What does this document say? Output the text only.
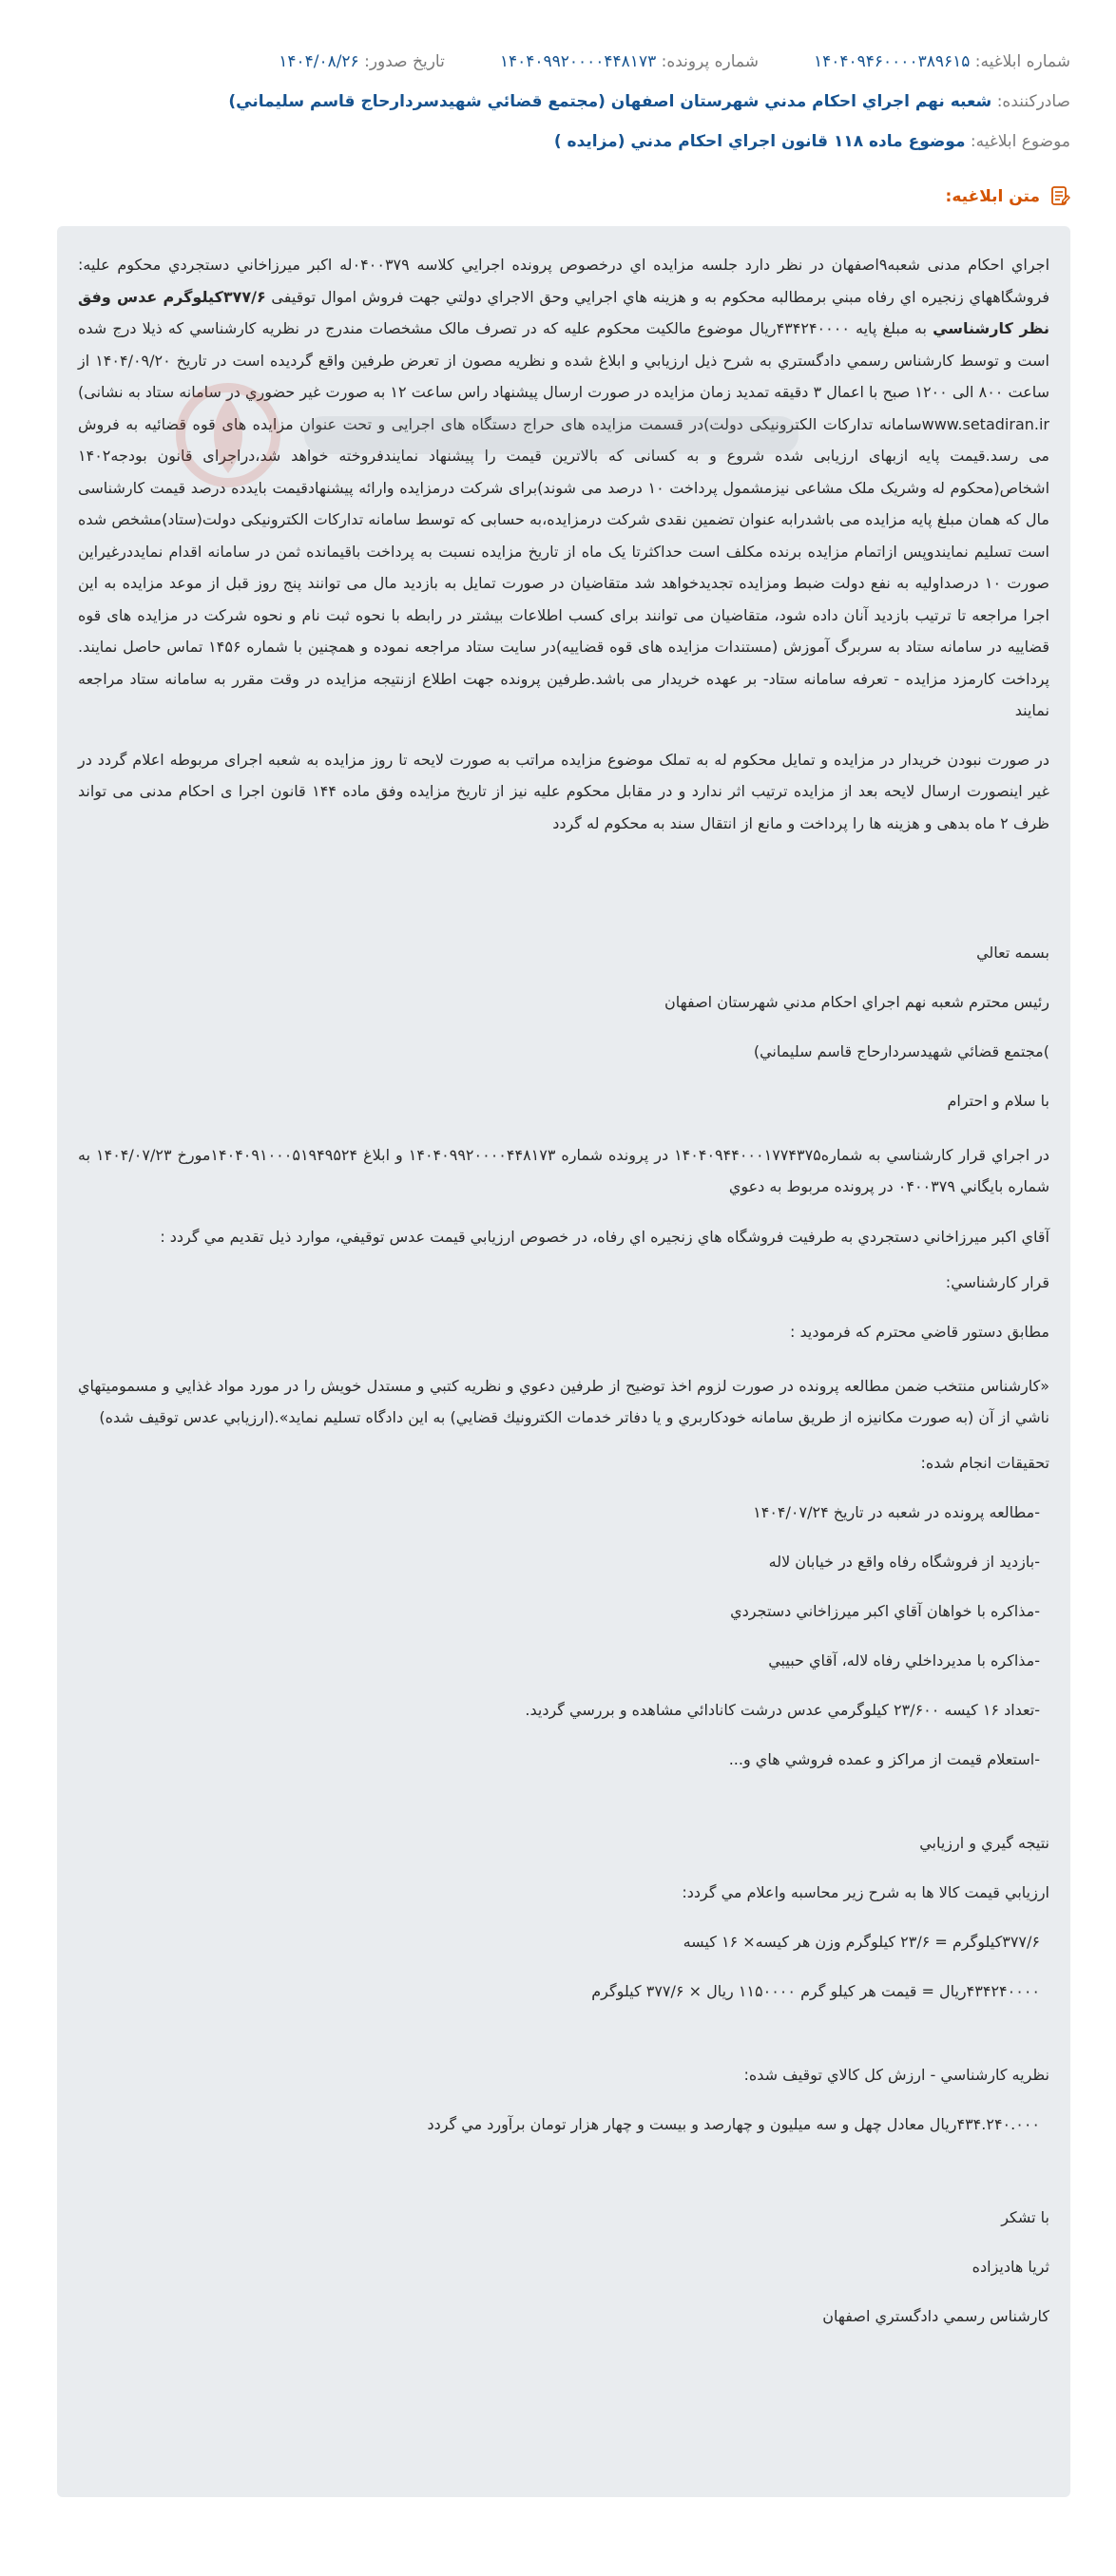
شماره ابلاغیه: ۱۴۰۴۰۹۴۶۰۰۰۰۳۸۹۶۱۵
شماره پرونده: ۱۴۰۴۰۹۹۲۰۰۰۰۴۴۸۱۷۳
تاریخ صدور: ۱۴۰۴/۰۸/۲۶
صادرکننده: شعبه نهم اجراي احكام مدني شهرستان اصفهان (مجتمع قضائي شهيدسردارحاج قاسم سليماني)
موضوع ابلاغیه: موضوع ماده ۱۱۸ قانون اجراي احكام مدني (مزايده )
متن ابلاغیه:

اجراي احكام مدنی شعبه۹اصفهان در نظر دارد جلسه مزايده اي درخصوص پرونده اجرايي كلاسه ۰۴۰۰۳۷۹له اكبر ميرزاخاني دستجردي محكوم عليه: فروشگاههاي زنجيره اي رفاه مبني برمطالبه محكوم به و هزينه هاي اجرايي وحق الاجراي دولتي جهت فروش اموال توقيفی ۳۷۷/۶كيلوگرم عدس وفق نظر كارشناسي به مبلغ پايه ۴۳۴۲۴۰۰۰۰ريال موضوع مالكيت محكوم عليه كه در تصرف مالک مشخصات مندرج در نظريه كارشناسي كه ذيلا درج شده است و توسط كارشناس رسمي دادگستري به شرح ذيل ارزيابي و ابلاغ شده و نظريه مصون از تعرض طرفين واقع گرديده است در تاريخ ۱۴۰۴/۰۹/۲۰ از ساعت ۸۰۰ الی ۱۲۰۰ صبح با اعمال ۳ دقيقه تمديد زمان مزايده در صورت ارسال پيشنهاد راس ساعت ۱۲ به صورت غير حضوري در سامانه ستاد به نشانی) www.setadiran.irسامانه تدارکات الکترونیکی دولت)در قسمت مزايده های حراج دستگاه های اجرايی و تحت عنوان مزايده های قوه قضائيه به فروش می رسد.قيمت پايه ازبهای ارزيابی شده شروع و به كسانی كه بالاترين قيمت را پيشنهاد نمايندفروخته خواهد شد،دراجرای قانون بودجه۱۴۰۲ اشخاص(محكوم له وشريک ملک مشاعی نيزمشمول پرداخت ۱۰ درصد می شوند)برای شركت درمزايده وارائه پيشنهادقيمت بايدده درصد قيمت كارشناسی مال كه همان مبلغ پايه مزايده می باشدرابه عنوان تضمين نقدی شركت درمزايده،به حسابی كه توسط سامانه تداركات الكترونيكی دولت(ستاد)مشخص شده است تسليم نمايندوپس ازاتمام مزايده برنده مكلف است حداكثرتا يک ماه از تاريخ مزايده نسبت به پرداخت باقيمانده ثمن در سامانه اقدام نمايددرغيراين صورت ۱۰ درصداوليه به نفع دولت ضبط ومزايده تجديدخواهد شد متقاضيان در صورت تمايل به بازديد مال می توانند پنج روز قبل از موعد مزايده به اين اجرا مراجعه تا ترتيب بازديد آنان داده شود، متقاضيان می توانند برای كسب اطلاعات بيشتر در رابطه با نحوه ثبت نام و نحوه شركت در مزايده های قوه قضاييه در سامانه ستاد به سربرگ آموزش (مستندات مزايده های قوه قضاييه)در سايت ستاد مراجعه نموده و همچنين با شماره ۱۴۵۶ تماس حاصل نمايند. پرداخت كارمزد مزايده - تعرفه سامانه ستاد- بر عهده خريدار می باشد.طرفين پرونده جهت اطلاع ازنتيجه مزايده در وقت مقرر به سامانه ستاد مراجعه نمايند

در صورت نبودن خريدار در مزايده و تمايل محكوم له به تملک موضوع مزايده مراتب به صورت لايحه تا روز مزايده به شعبه اجرای مربوطه اعلام گردد در غير اينصورت ارسال لايحه بعد از مزايده ترتيب اثر ندارد و در مقابل محكوم عليه نيز از تاريخ مزايده وفق ماده ۱۴۴ قانون اجرا ی احكام مدنی می تواند ظرف ۲ ماه بدهی و هزينه ها را پرداخت و مانع از انتقال سند به محكوم له گردد

بسمه تعالي

رئيس محترم شعبه نهم اجراي احكام مدني شهرستان اصفهان

)مجتمع قضائي شهيدسردارحاج قاسم سليماني)

با سلام و احترام

در اجراي قرار كارشناسي به شماره۱۴۰۴۰۹۴۴۰۰۰۱۷۷۴۳۷۵ در پرونده شماره ۱۴۰۴۰۹۹۲۰۰۰۰۴۴۸۱۷۳ و ابلاغ ۱۴۰۴۰۹۱۰۰۰۵۱۹۴۹۵۲۴مورخ ۱۴۰۴/۰۷/۲۳ به شماره بايگاني ۰۴۰۰۳۷۹ در پرونده مربوط به دعوي

آقاي اكبر ميرزاخاني دستجردي به طرفيت فروشگاه هاي زنجيره اي رفاه، در خصوص ارزيابي قيمت عدس توقيفي، موارد ذيل تقديم مي گردد :

قرار كارشناسي:

مطابق دستور قاضي محترم كه فرموديد :

«كارشناس منتخب ضمن مطالعه پرونده در صورت لزوم اخذ توضيح از طرفين دعوي و نظريه كتبي و مستدل خويش را در مورد مواد غذايي و مسموميتهاي ناشي از آن (به صورت مكانيزه از طريق سامانه خودكاربري و يا دفاتر خدمات الكترونيك قضايي) به اين دادگاه تسليم نمايد».(ارزيابي عدس توقيف شده)

تحقيقات انجام شده:

-مطالعه پرونده در شعبه در تاريخ ۱۴۰۴/۰۷/۲۴

-بازديد از فروشگاه رفاه واقع در خيابان لاله

-مذاكره با خواهان آقاي اكبر ميرزاخاني دستجردي

-مذاكره با مديرداخلي رفاه لاله، آقاي حبيبي

-تعداد ۱۶ كيسه ۲۳/۶۰۰ كيلوگرمي عدس درشت كانادائي مشاهده و بررسي گرديد.

-استعلام قيمت از مراكز و عمده فروشي هاي و...

نتيجه گيري و ارزيابي

ارزيابي قيمت كالا ها به شرح زير محاسبه واعلام مي گردد:

۳۷۷/۶كيلوگرم = ۲۳/۶ كيلوگرم وزن هر كيسه× ۱۶ كيسه

۴۳۴۲۴۰۰۰۰ريال = قيمت هر كيلو گرم ۱۱۵۰۰۰۰ ريال × ۳۷۷/۶ كيلوگرم

نظريه كارشناسي - ارزش كل كالاي توقيف شده:

۴۳۴.۲۴۰.۰۰۰ريال معادل چهل و سه ميليون و چهارصد و بيست و چهار هزار تومان برآورد مي گردد

با تشكر

ثريا هاديزاده

كارشناس رسمي دادگستري اصفهان
